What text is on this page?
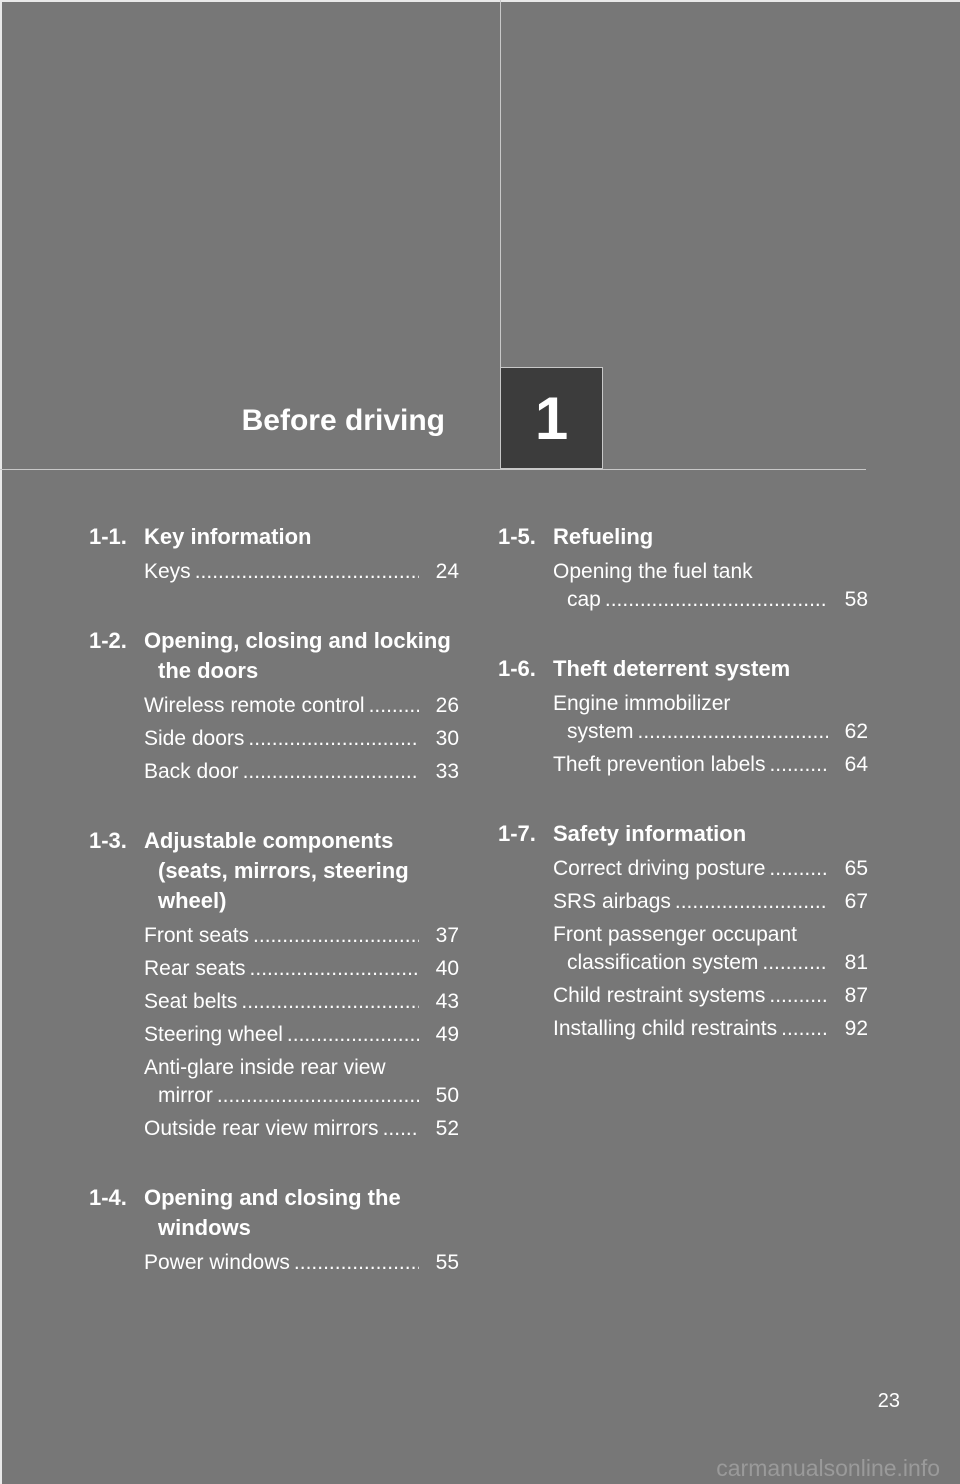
Before driving 1
1-1. Key information
Keys .....	24
1-2. Opening, closing and locking the doors
Wireless remote control .....	26
Side doors .....	30
Back door .....	33
1-3. Adjustable components (seats, mirrors, steering wheel)
Front seats .....	37
Rear seats .....	40
Seat belts .....	43
Steering wheel .....	49
Anti-glare inside rear view
mirror .....	50
Outside rear view mirrors .....	52
1-4. Opening and closing the windows
Power windows .....	55
1-5. Refueling
Opening the fuel tank
cap .....	58
1-6. Theft deterrent system
Engine immobilizer
system .....	62
Theft prevention labels .....	64
1-7. Safety information
Correct driving posture .....	65
SRS airbags .....	67
Front passenger occupant
classification system .....	81
Child restraint systems .....	87
Installing child restraints .....	92
23
carmanualsonline.info
